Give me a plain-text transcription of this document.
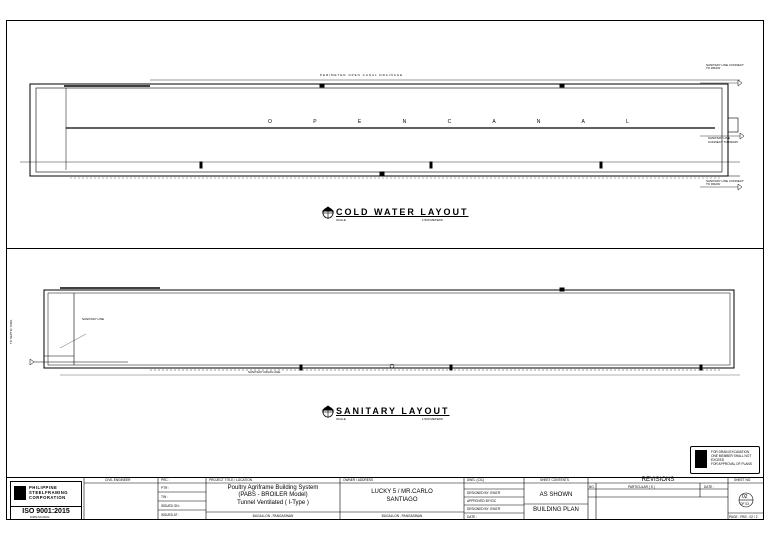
PERIMETER OPEN CANAL DRAINAGE
O P E N C A N A L
SANITARY LINE CONNECT TO DRAIN
SANITARY LINE
CONNECT TO DRAIN
SANITARY LINE CONNECT TO DRAIN
COLD WATER LAYOUT
SCALE	1:500 METERS
TO SEPTIC TANK
SANITARY LINE
SANITARY DRAIN LINE
SANITARY LAYOUT
SCALE	1:500 METERS
FOR DRAIN EXCAVATION
ONE MEMBER SHALL NOT EXCEED
FOR APPROVAL OF PLANS
PHILIPPINE
STEELFRAMING
CORPORATION
ISO 9001:2015
FORM NO.00012
CIVIL ENGINEER	PRC :
PTR :
TIN :
ISSUED ON :
ISSUED AT :
PROJECT TITLE / LOCATION
Poultry Agriframe Building System
(PABS - BROILER Model)
Tunnel Ventilated ( I-Type )
BUGALLON , PANGASINAN
OWNER / ADDRESS
LUCKY 5 / MR.CARLO
SANTIAGO
BUGALLON , PANGASINAN
DWG. (CIC)
DESIGNED BY :ENG'R
APPROVED BY/CIC
DESIGNED BY :ENG'R
DATE :
SHEET CONTENTS
AS SHOWN
BUILDING PLAN
REVISIONS
NO.	PARTICULAR ( S )	DATE :
SHEET NO.
02
OF 03
PAGE : PBS - 02 / 2
